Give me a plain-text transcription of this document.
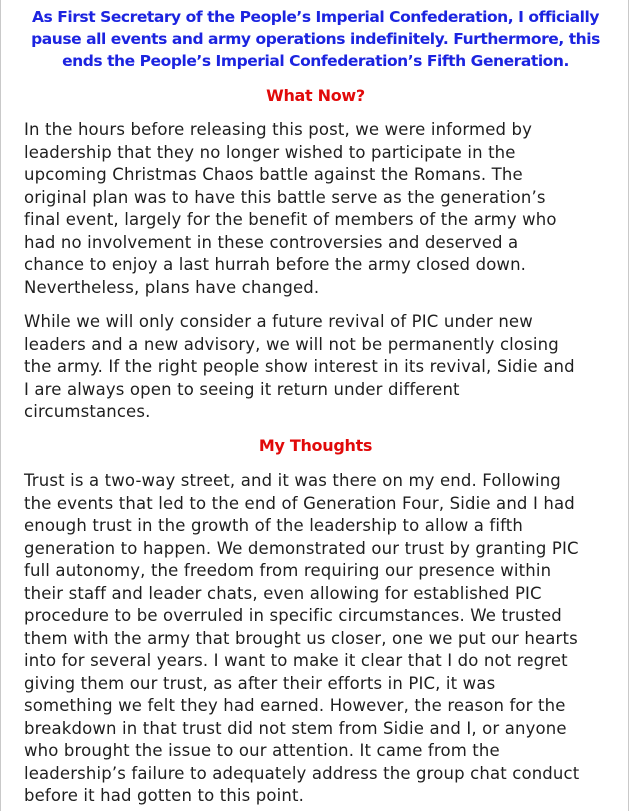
As First Secretary of the People’s Imperial Confederation, I officially
pause all events and army operations indefinitely. Furthermore, this
ends the People’s Imperial Confederation’s Fifth Generation.

What Now?

In the hours before releasing this post, we were informed by
leadership that they no longer wished to participate in the
upcoming Christmas Chaos battle against the Romans. The
original plan was to have this battle serve as the generation’s
final event, largely for the benefit of members of the army who
had no involvement in these controversies and deserved a
chance to enjoy a last hurrah before the army closed down.
Nevertheless, plans have changed.

While we will only consider a future revival of PIC under new
leaders and a new advisory, we will not be permanently closing
the army. If the right people show interest in its revival, Sidie and
I are always open to seeing it return under different
circumstances.

My Thoughts

Trust is a two-way street, and it was there on my end. Following
the events that led to the end of Generation Four, Sidie and I had
enough trust in the growth of the leadership to allow a fifth
generation to happen. We demonstrated our trust by granting PIC
full autonomy, the freedom from requiring our presence within
their staff and leader chats, even allowing for established PIC
procedure to be overruled in specific circumstances. We trusted
them with the army that brought us closer, one we put our hearts
into for several years. I want to make it clear that I do not regret
giving them our trust, as after their efforts in PIC, it was
something we felt they had earned. However, the reason for the
breakdown in that trust did not stem from Sidie and I, or anyone
who brought the issue to our attention. It came from the
leadership’s failure to adequately address the group chat conduct
before it had gotten to this point.
